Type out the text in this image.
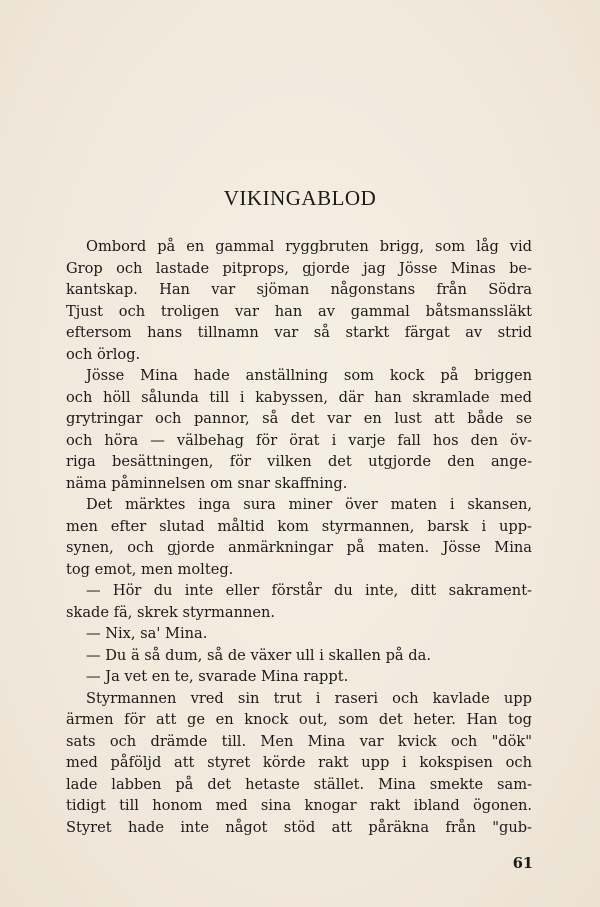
VIKINGABLOD
Ombord på en gammal ryggbruten brigg, som låg vid
Grop och lastade pitprops, gjorde jag Jösse Minas be-
kantskap. Han var sjöman någonstans från Södra
Tjust och troligen var han av gammal båtsmanssläkt
eftersom hans tillnamn var så starkt färgat av strid
och örlog.
Jösse Mina hade anställning som kock på briggen
och höll sålunda till i kabyssen, där han skramlade med
grytringar och pannor, så det var en lust att både se
och höra — välbehag för örat i varje fall hos den öv-
riga besättningen, för vilken det utgjorde den ange-
näma påminnelsen om snar skaffning.
Det märktes inga sura miner över maten i skansen,
men efter slutad måltid kom styrmannen, barsk i upp-
synen, och gjorde anmärkningar på maten. Jösse Mina
tog emot, men molteg.
— Hör du inte eller förstår du inte, ditt sakrament-
skade fä, skrek styrmannen.
— Nix, sa' Mina.
— Du ä så dum, så de växer ull i skallen på da.
— Ja vet en te, svarade Mina rappt.
Styrmannen vred sin trut i raseri och kavlade upp
ärmen för att ge en knock out, som det heter. Han tog
sats och drämde till. Men Mina var kvick och "dök"
med påföljd att styret körde rakt upp i kokspisen och
lade labben på det hetaste stället. Mina smekte sam-
tidigt till honom med sina knogar rakt ibland ögonen.
Styret hade inte något stöd att påräkna från "gub-
61
